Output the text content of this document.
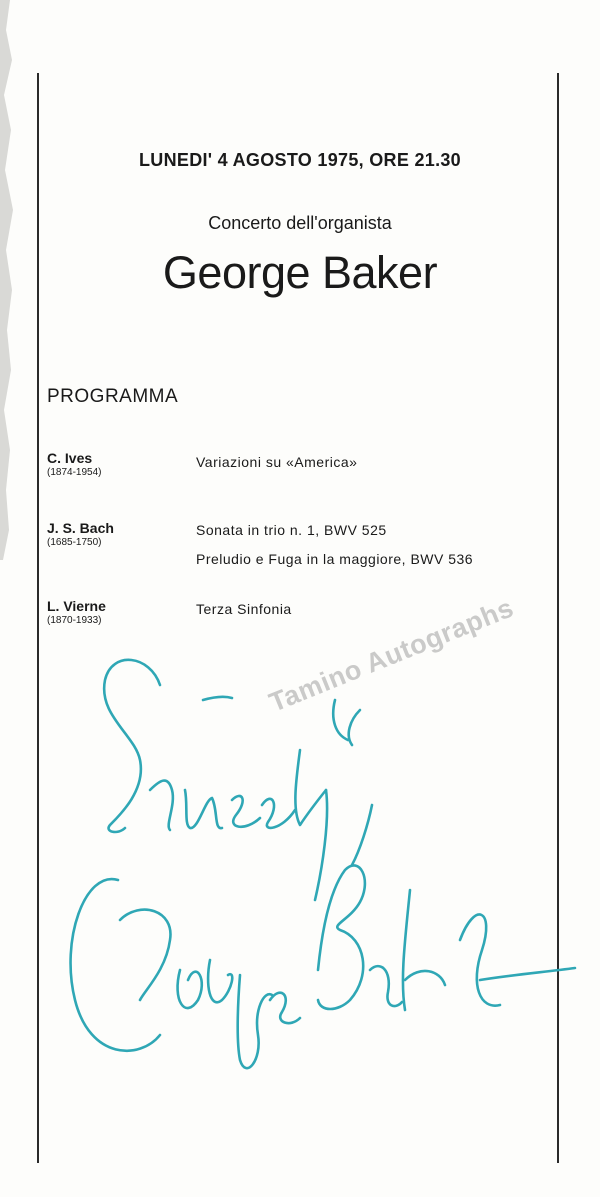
LUNEDI' 4 AGOSTO 1975, ORE 21.30
Concerto dell'organista
George Baker
PROGRAMMA
C. Ives
(1874-1954)
Variazioni su «America»
J. S. Bach
(1685-1750)
Sonata in trio n. 1, BWV 525
Preludio e Fuga in la maggiore, BWV 536
L. Vierne
(1870-1933)
Terza Sinfonia
Tamino Autographs
